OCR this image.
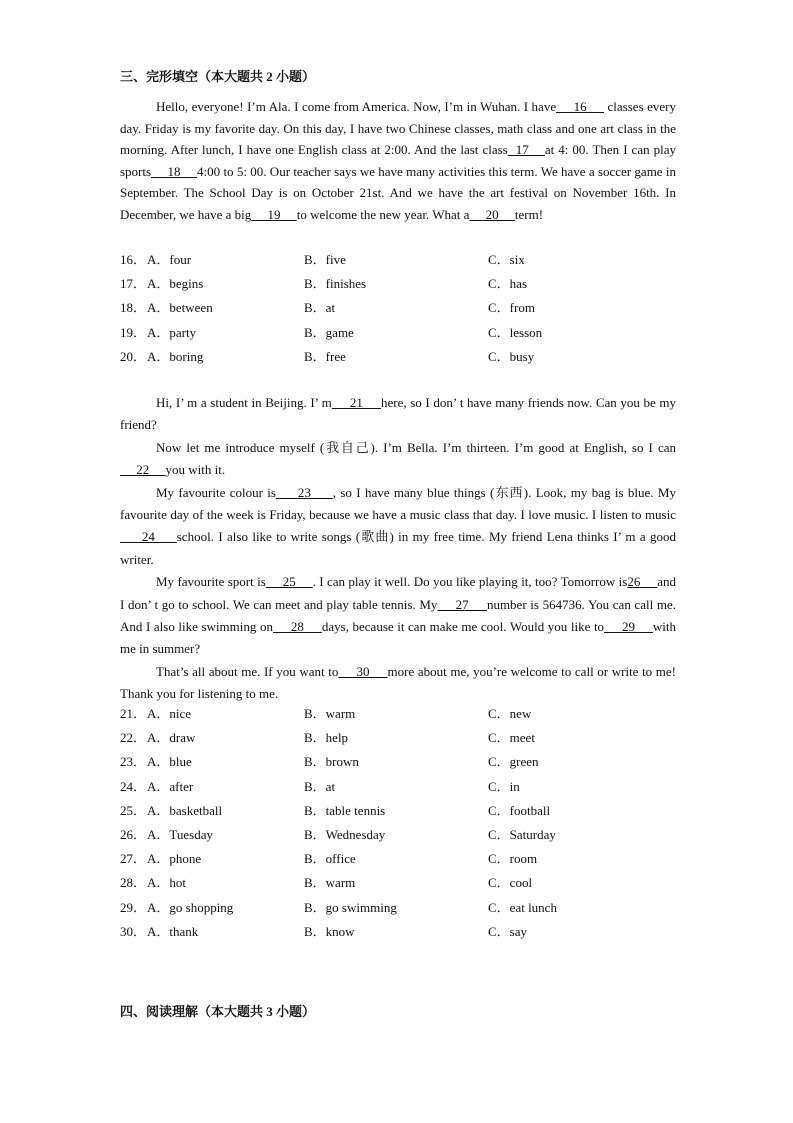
三、完形填空（本大题共 2 小题）
Hello, everyone! I’m Ala. I come from America. Now, I’m in Wuhan. I have     16      classes every day. Friday is my favorite day. On this day, I have two Chinese classes, math class and one art class in the morning. After lunch, I have one English class at 2:00. And the last class  17    at 4: 00. Then I can play sports     18     4:00 to 5: 00. Our teacher says we have many activities this term. We have a soccer game in September. The School Day is on October 21st. And we have the art festival on November 16th. In December, we have a big     19     to welcome the new year. What a     20     term!
16． A．four	B．five	C．six
17． A．begins	B．finishes	C．has
18． A．between	B．at	C．from
19． A．party	B．game	C．lesson
20． A．boring	B．free	C．busy
Hi, I’ m a student in Beijing. I’ m     21     here, so I don’ t have many friends now. Can you be my friend?
Now let me introduce myself (我自己). I’m Bella. I’m thirteen. I’m good at English, so I can     22     you with it.
My favourite colour is     23     , so I have many blue things (东西). Look, my bag is blue. My favourite day of the week is Friday, because we have a music class that day. I love music. I listen to music     24     school. I also like to write songs (歌曲) in my free time. My friend Lena thinks I’ m a good writer.
My favourite sport is     25     . I can play it well. Do you like playing it, too? Tomorrow is26     and I don’ t go to school. We can meet and play table tennis. My     27     number is 564736. You can call me. And I also like swimming on     28     days, because it can make me cool. Would you like to     29     with me in summer?
That’s all about me. If you want to     30     more about me, you’re welcome to call or write to me! Thank you for listening to me.
21． A．nice	B．warm	C．new
22． A．draw	B．help	C．meet
23． A．blue	B．brown	C．green
24． A．after	B．at	C．in
25． A．basketball	B．table tennis	C．football
26． A．Tuesday	B．Wednesday	C．Saturday
27． A．phone	B．office	C．room
28． A．hot	B．warm	C．cool
29． A．go shopping	B．go swimming	C．eat lunch
30． A．thank	B．know	C．say
四、阅读理解（本大题共 3 小题）
